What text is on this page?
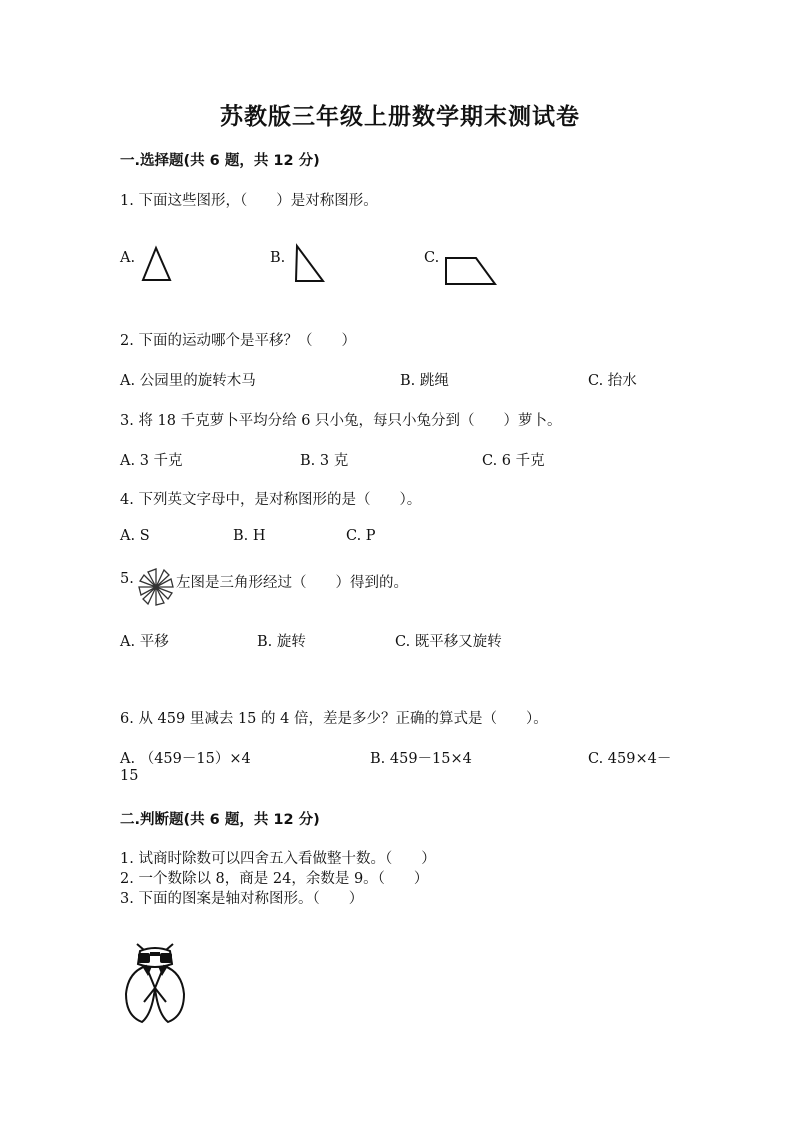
苏教版三年级上册数学期末测试卷
一.选择题(共 6 题，共 12 分)
1. 下面这些图形，（　　）是对称图形。
A.	B.	C.
2. 下面的运动哪个是平移？（　　）
A. 公园里的旋转木马	B. 跳绳	C. 抬水
3. 将 18 千克萝卜平均分给 6 只小兔，每只小兔分到（　　）萝卜。
A. 3 千克	B. 3 克	C. 6 千克
4. 下列英文字母中，是对称图形的是（　　）。
A. S	B. H	C. P
5.	左图是三角形经过（　　）得到的。
A. 平移	B. 旋转	C. 既平移又旋转
6. 从 459 里减去 15 的 4 倍，差是多少？正确的算式是（　　）。
A. （459－15）×4	B. 459－15×4	C. 459×4－
15
二.判断题(共 6 题，共 12 分)
1. 试商时除数可以四舍五入看做整十数。（　　）
2. 一个数除以 8，商是 24，余数是 9。（　　）
3. 下面的图案是轴对称图形。（　　）
